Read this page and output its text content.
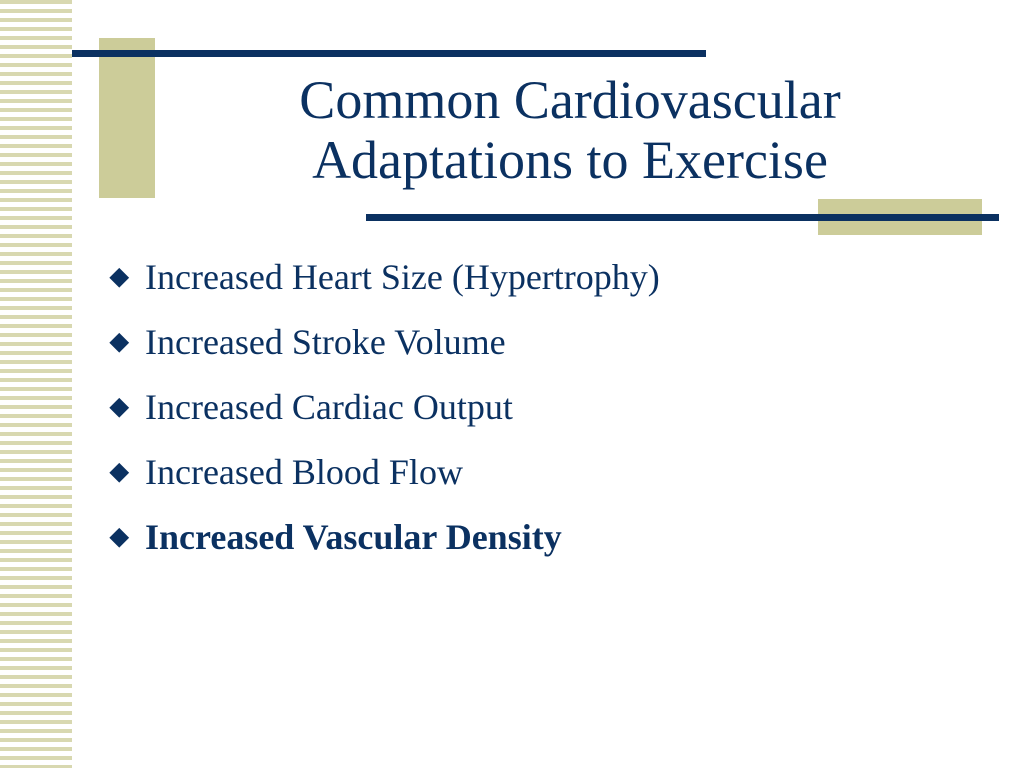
Common Cardiovascular
Adaptations to Exercise
Increased Heart Size (Hypertrophy)
Increased Stroke Volume
Increased Cardiac Output
Increased Blood Flow
Increased Vascular Density
